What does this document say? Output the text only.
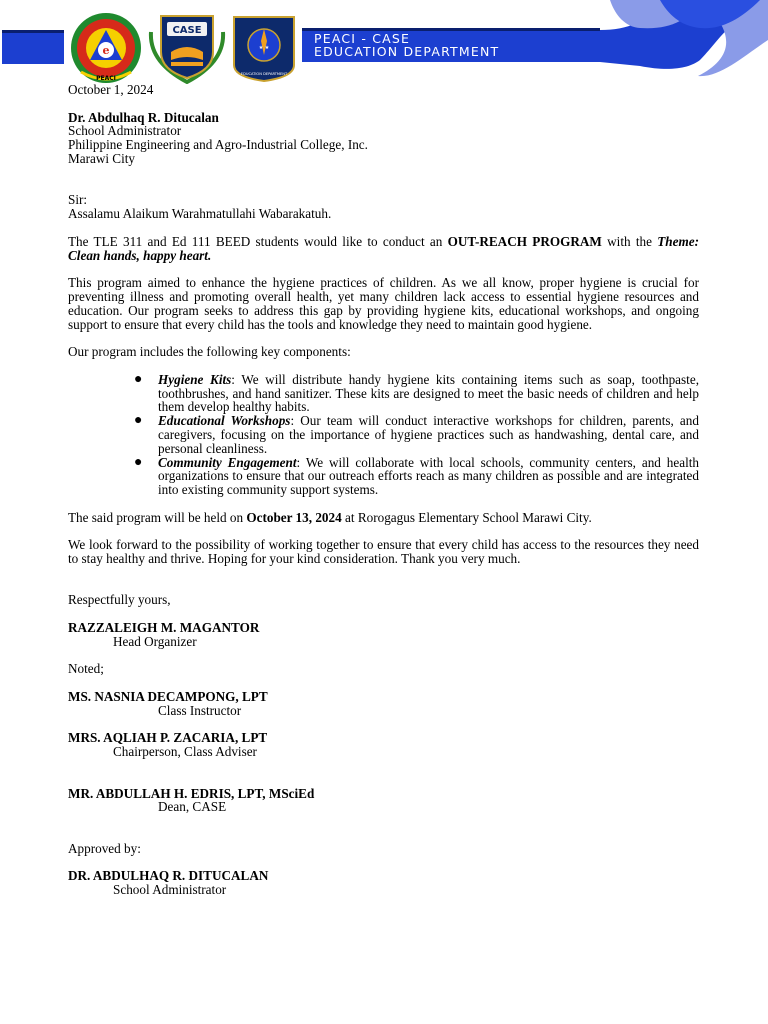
e
PEACI
CASE
★ ★
EDUCATION DEPARTMENT
PEACI - CASE
EDUCATION DEPARTMENT

October 1, 2024

Dr. Abdulhaq R. Ditucalan

School Administrator

Philippine Engineering and Agro-Industrial College, Inc.

Marawi City

Sir:

Assalamu Alaikum Warahmatullahi Wabarakatuh.

The TLE 311 and Ed 111 BEED students would like to conduct an OUT-REACH PROGRAM with the Theme: Clean hands, happy heart.

This program aimed to enhance the hygiene practices of children. As we all know, proper hygiene is crucial for preventing illness and promoting overall health, yet many children lack access to essential hygiene resources and education. Our program seeks to address this gap by providing hygiene kits, educational workshops, and ongoing support to ensure that every child has the tools and knowledge they need to maintain good hygiene.

Our program includes the following key components:

● Hygiene Kits: We will distribute handy hygiene kits containing items such as soap, toothpaste, toothbrushes, and hand sanitizer. These kits are designed to meet the basic needs of children and help them develop healthy habits.
● Educational Workshops: Our team will conduct interactive workshops for children, parents, and caregivers, focusing on the importance of hygiene practices such as handwashing, dental care, and personal cleanliness.
● Community Engagement: We will collaborate with local schools, community centers, and health organizations to ensure that our outreach efforts reach as many children as possible and are integrated into existing community support systems.

The said program will be held on October 13, 2024 at Rorogagus Elementary School Marawi City.

We look forward to the possibility of working together to ensure that every child has access to the resources they need to stay healthy and thrive. Hoping for your kind consideration. Thank you very much.

Respectfully yours,

RAZZALEIGH M. MAGANTOR

Head Organizer

Noted;

MS. NASNIA DECAMPONG, LPT

Class Instructor

MRS. AQLIAH P. ZACARIA, LPT

Chairperson, Class Adviser

MR. ABDULLAH H. EDRIS, LPT, MSciEd

Dean, CASE

Approved by:

DR. ABDULHAQ R. DITUCALAN

School Administrator
